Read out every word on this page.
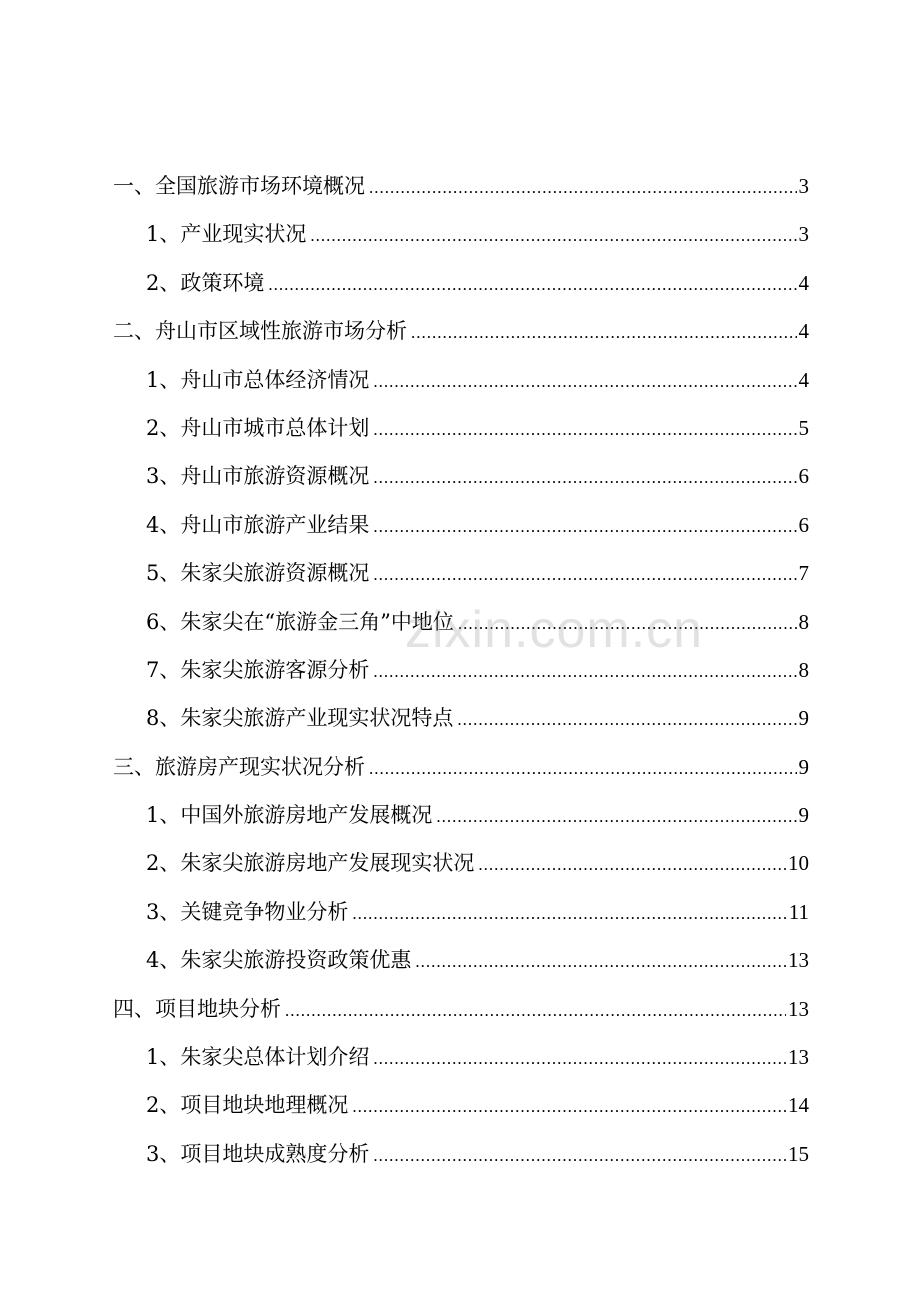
一、全国旅游市场环境概况 .....	3
1、产业现实状况 .....	3
2、政策环境 .....	4
二、舟山市区域性旅游市场分析 .....	4
1、舟山市总体经济情况 .....	4
2、舟山市城市总体计划 .....	5
3、舟山市旅游资源概况 .....	6
4、舟山市旅游产业结果 .....	6
5、朱家尖旅游资源概况 .....	7
6、朱家尖在“旅游金三角”中地位 .....	8
7、朱家尖旅游客源分析 .....	8
8、朱家尖旅游产业现实状况特点 .....	9
三、旅游房产现实状况分析 .....	9
1、中国外旅游房地产发展概况 .....	9
2、朱家尖旅游房地产发展现实状况 .....	10
3、关键竞争物业分析 .....	11
4、朱家尖旅游投资政策优惠 .....	13
四、项目地块分析 .....	13
1、朱家尖总体计划介绍 .....	13
2、项目地块地理概况 .....	14
3、项目地块成熟度分析 .....	15
zixin.com.cn
